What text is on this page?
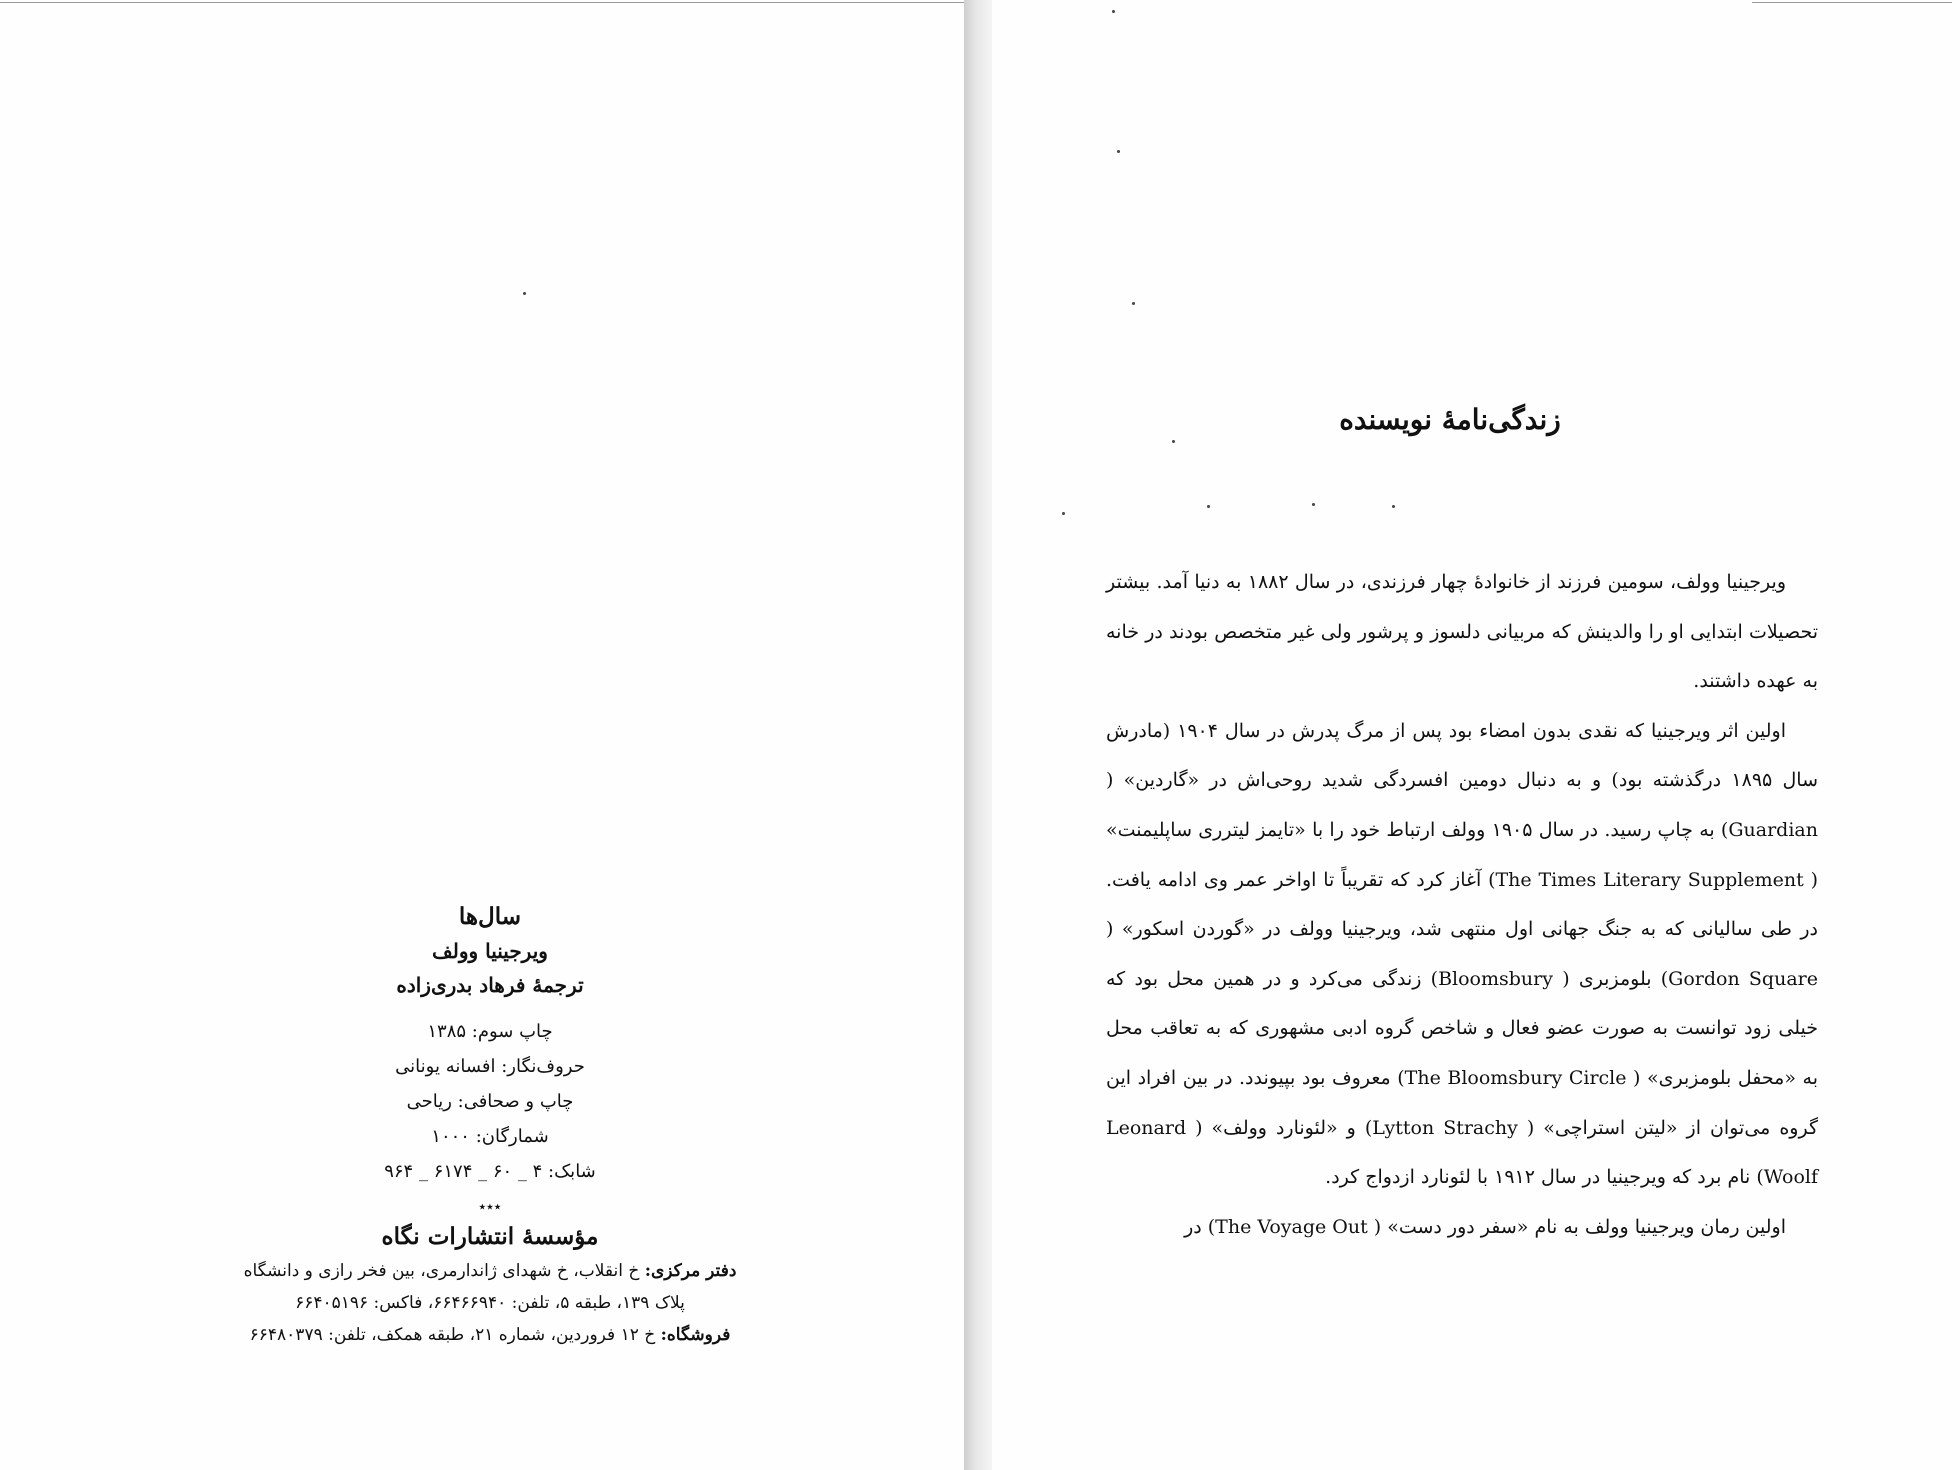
سال‌ها
ویرجینیا وولف
ترجمهٔ فرهاد بدری‌زاده
چاپ سوم: ۱۳۸۵
حروف‌نگار: افسانه یونانی
چاپ و صحافی: ریاحی
شمارگان: ۱۰۰۰
شابک: ۴ _ ۶۰ _ ۶۱۷۴ _ ۹۶۴
٭٭٭
مؤسسهٔ انتشارات نگاه
دفتر مرکزی: خ انقلاب، خ شهدای ژاندارمری، بین فخر رازی و دانشگاه
پلاک ۱۳۹، طبقه ۵، تلفن: ۶۶۴۶۶۹۴۰، فاکس: ۶۶۴۰۵۱۹۶
فروشگاه: خ ۱۲ فروردین، شماره ۲۱، طبقه همکف، تلفن: ۶۶۴۸۰۳۷۹
زندگی‌نامهٔ نویسنده

ویرجینیا وولف، سومین فرزند از خانوادهٔ چهار فرزندی، در سال ۱۸۸۲ به دنیا آمد. بیشتر تحصیلات ابتدایی او را والدینش که مربیانی دلسوز و پرشور ولی غیر متخصص بودند در خانه به عهده داشتند.

اولین اثر ویرجینیا که نقدی بدون امضاء بود پس از مرگ پدرش در سال ۱۹۰۴ (مادرش سال ۱۸۹۵ درگذشته بود) و به دنبال دومین افسردگی شدید روحی‌اش در «گاردین» ( Guardian) به چاپ رسید. در سال ۱۹۰۵ وولف ارتباط خود را با «تایمز لیترری ساپلیمنت» ( The Times Literary Supplement) آغاز کرد که تقریباً تا اواخر عمر وی ادامه یافت. در طی سالیانی که به جنگ جهانی اول منتهی شد، ویرجینیا وولف در «گوردن اسکور» ( Gordon Square) بلومزبری ( Bloomsbury) زندگی می‌کرد و در همین محل بود که خیلی زود توانست به صورت عضو فعال و شاخص گروه ادبی مشهوری که به تعاقب محل به «محفل بلومزبری» ( The Bloomsbury Circle) معروف بود بپیوندد. در بین افراد این گروه می‌توان از «لیتن استراچی» ( Lytton Strachy) و «لئونارد وولف» ( Leonard Woolf) نام برد که ویرجینیا در سال ۱۹۱۲ با لئونارد ازدواج کرد.

اولین رمان ویرجینیا وولف به نام «سفر دور دست» ( The Voyage Out) در
